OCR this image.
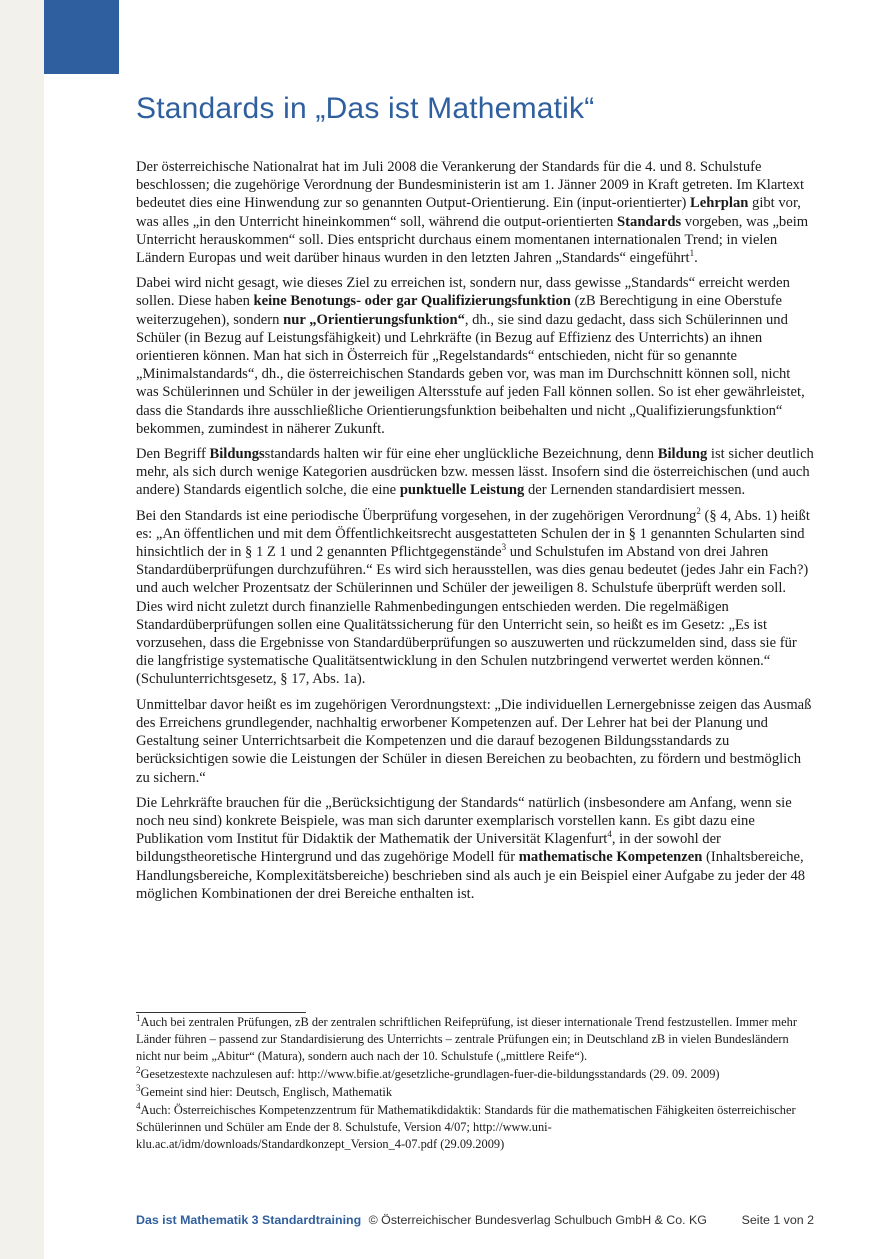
Standards in „Das ist Mathematik“

Der österreichische Nationalrat hat im Juli 2008 die Verankerung der Standards für die 4. und 8. Schulstufe beschlossen; die zugehörige Verordnung der Bundesministerin ist am 1. Jänner 2009 in Kraft getreten. Im Klartext bedeutet dies eine Hinwendung zur so genannten Output-Orientierung. Ein (input-orientierter) Lehrplan gibt vor, was alles „in den Unterricht hineinkommen“ soll, während die output-orientierten Standards vorgeben, was „beim Unterricht herauskommen“ soll. Dies entspricht durchaus einem momentanen internationalen Trend; in vielen Ländern Europas und weit darüber hinaus wurden in den letzten Jahren „Standards“ eingeführt$^1$.

Dabei wird nicht gesagt, wie dieses Ziel zu erreichen ist, sondern nur, dass gewisse „Standards“ erreicht werden sollen. Diese haben keine Benotungs- oder gar Qualifizierungsfunktion (zB Berechtigung in eine Oberstufe weiterzugehen), sondern nur „Orientierungsfunktion“, dh., sie sind dazu gedacht, dass sich Schülerinnen und Schüler (in Bezug auf Leistungsfähigkeit) und Lehrkräfte (in Bezug auf Effizienz des Unterrichts) an ihnen orientieren können. Man hat sich in Österreich für „Regelstandards“ entschieden, nicht für so genannte „Minimalstandards“, dh., die österreichischen Standards geben vor, was man im Durchschnitt können soll, nicht was Schülerinnen und Schüler in der jeweiligen Altersstufe auf jeden Fall können sollen. So ist eher gewährleistet, dass die Standards ihre ausschließliche Orientierungsfunktion beibehalten und nicht „Qualifizierungsfunktion“ bekommen, zumindest in näherer Zukunft.

Den Begriff Bildungsstandards halten wir für eine eher unglückliche Bezeichnung, denn Bildung ist sicher deutlich mehr, als sich durch wenige Kategorien ausdrücken bzw. messen lässt. Insofern sind die österreichischen (und auch andere) Standards eigentlich solche, die eine punktuelle Leistung der Lernenden standardisiert messen.

Bei den Standards ist eine periodische Überprüfung vorgesehen, in der zugehörigen Verordnung$^2$ (§ 4, Abs. 1) heißt es: „An öffentlichen und mit dem Öffentlichkeitsrecht ausgestatteten Schulen der in § 1 genannten Schularten sind hinsichtlich der in § 1 Z 1 und 2 genannten Pflichtgegenstände$^3$ und Schulstufen im Abstand von drei Jahren Standardüberprüfungen durchzuführen.“ Es wird sich herausstellen, was dies genau bedeutet (jedes Jahr ein Fach?) und auch welcher Prozentsatz der Schülerinnen und Schüler der jeweiligen 8. Schulstufe überprüft werden soll. Dies wird nicht zuletzt durch finanzielle Rahmenbedingungen entschieden werden. Die regelmäßigen Standardüberprüfungen sollen eine Qualitätssicherung für den Unterricht sein, so heißt es im Gesetz: „Es ist vorzusehen, dass die Ergebnisse von Standardüberprüfungen so auszuwerten und rückzumelden sind, dass sie für die langfristige systematische Qualitätsentwicklung in den Schulen nutzbringend verwertet werden können.“ (Schulunterrichtsgesetz, § 17, Abs. 1a).

Unmittelbar davor heißt es im zugehörigen Verordnungstext: „Die individuellen Lernergebnisse zeigen das Ausmaß des Erreichens grundlegender, nachhaltig erworbener Kompetenzen auf. Der Lehrer hat bei der Planung und Gestaltung seiner Unterrichtsarbeit die Kompetenzen und die darauf bezogenen Bildungsstandards zu berücksichtigen sowie die Leistungen der Schüler in diesen Bereichen zu beobachten, zu fördern und bestmöglich zu sichern.“

Die Lehrkräfte brauchen für die „Berücksichtigung der Standards“ natürlich (insbesondere am Anfang, wenn sie noch neu sind) konkrete Beispiele, was man sich darunter exemplarisch vorstellen kann. Es gibt dazu eine Publikation vom Institut für Didaktik der Mathematik der Universität Klagenfurt$^4$, in der sowohl der bildungstheoretische Hintergrund und das zugehörige Modell für mathematische Kompetenzen (Inhaltsbereiche, Handlungsbereiche, Komplexitätsbereiche) beschrieben sind als auch je ein Beispiel einer Aufgabe zu jeder der 48 möglichen Kombinationen der drei Bereiche enthalten ist.

$^1$Auch bei zentralen Prüfungen, zB der zentralen schriftlichen Reifeprüfung, ist dieser internationale Trend festzustellen. Immer mehr Länder führen – passend zur Standardisierung des Unterrichts – zentrale Prüfungen ein; in Deutschland zB in vielen Bundesländern nicht nur beim „Abitur“ (Matura), sondern auch nach der 10. Schulstufe („mittlere Reife“).

$^2$Gesetzestexte nachzulesen auf: http://www.bifie.at/gesetzliche-grundlagen-fuer-die-bildungsstandards (29. 09. 2009)

$^3$Gemeint sind hier: Deutsch, Englisch, Mathematik

$^4$Auch: Österreichisches Kompetenzzentrum für Mathematikdidaktik: Standards für die mathematischen Fähigkeiten österreichischer Schülerinnen und Schüler am Ende der 8. Schulstufe, Version 4/07; http://www.uni-klu.ac.at/idm/downloads/Standardkonzept_Version_4-07.pdf (29.09.2009)

Das ist Mathematik 3 Standardtraining © Österreichischer Bundesverlag Schulbuch GmbH & Co. KG	Seite 1 von 2
